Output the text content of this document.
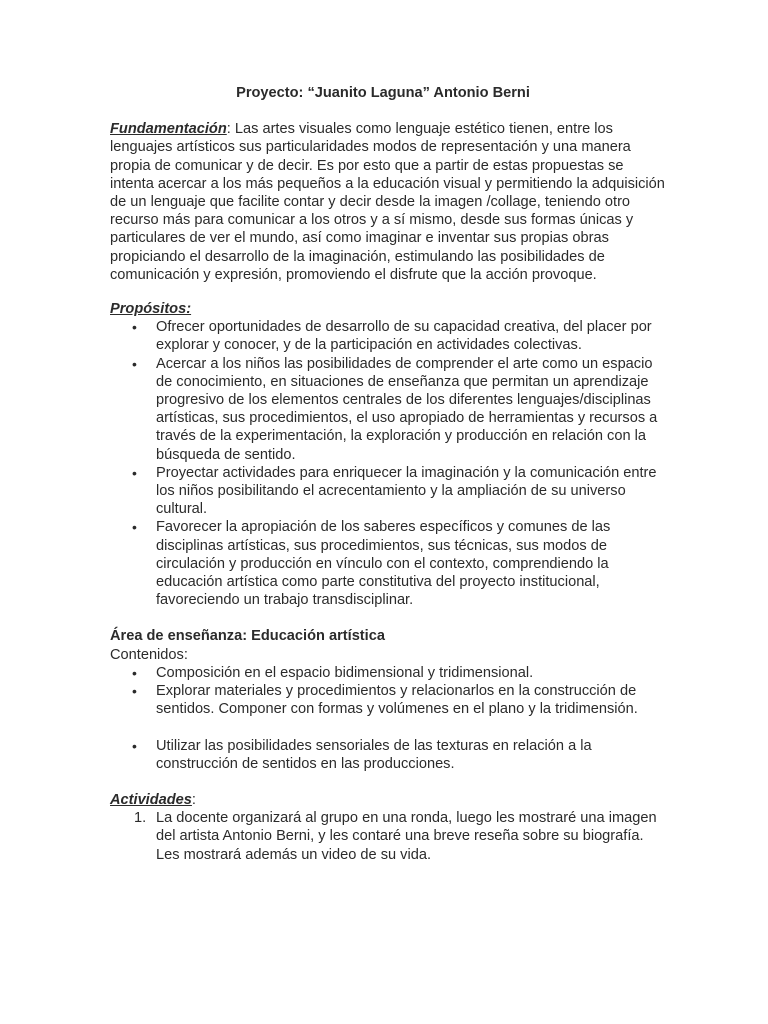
Proyecto: “Juanito Laguna” Antonio Berni

Fundamentación: Las artes visuales como lenguaje estético tienen, entre los lenguajes artísticos sus particularidades modos de representación y una manera propia de comunicar y de decir. Es por esto que a partir de estas propuestas se intenta acercar a los más pequeños a la educación visual y permitiendo la adquisición de un lenguaje que facilite contar y decir desde la imagen /collage, teniendo otro recurso más para comunicar a los otros y a sí mismo, desde sus formas únicas y particulares de ver el mundo, así como imaginar e inventar sus propias obras propiciando el desarrollo de la imaginación, estimulando las posibilidades de comunicación y expresión, promoviendo el disfrute que la acción provoque.

Propósitos:
• Ofrecer oportunidades de desarrollo de su capacidad creativa, del placer por explorar y conocer, y de la participación en actividades colectivas.
• Acercar a los niños las posibilidades de comprender el arte como un espacio de conocimiento, en situaciones de enseñanza que permitan un aprendizaje progresivo de los elementos centrales de los diferentes lenguajes/disciplinas artísticas, sus procedimientos, el uso apropiado de herramientas y recursos a través de la experimentación, la exploración y producción en relación con la búsqueda de sentido.
• Proyectar actividades para enriquecer la imaginación y la comunicación entre los niños posibilitando el acrecentamiento y la ampliación de su universo cultural.
• Favorecer la apropiación de los saberes específicos y comunes de las disciplinas artísticas, sus procedimientos, sus técnicas, sus modos de circulación y producción en vínculo con el contexto, comprendiendo la educación artística como parte constitutiva del proyecto institucional, favoreciendo un trabajo transdisciplinar.
Área de enseñanza: Educación artística
Contenidos:
• Composición en el espacio bidimensional y tridimensional.
• Explorar materiales y procedimientos y relacionarlos en la construcción de sentidos. Componer con formas y volúmenes en el plano y la tridimensión.
• Utilizar las posibilidades sensoriales de las texturas en relación a la construcción de sentidos en las producciones.
Actividades:
1. La docente organizará al grupo en una ronda, luego les mostraré una imagen del artista Antonio Berni, y les contaré una breve reseña sobre su biografía. Les mostrará además un video de su vida.
